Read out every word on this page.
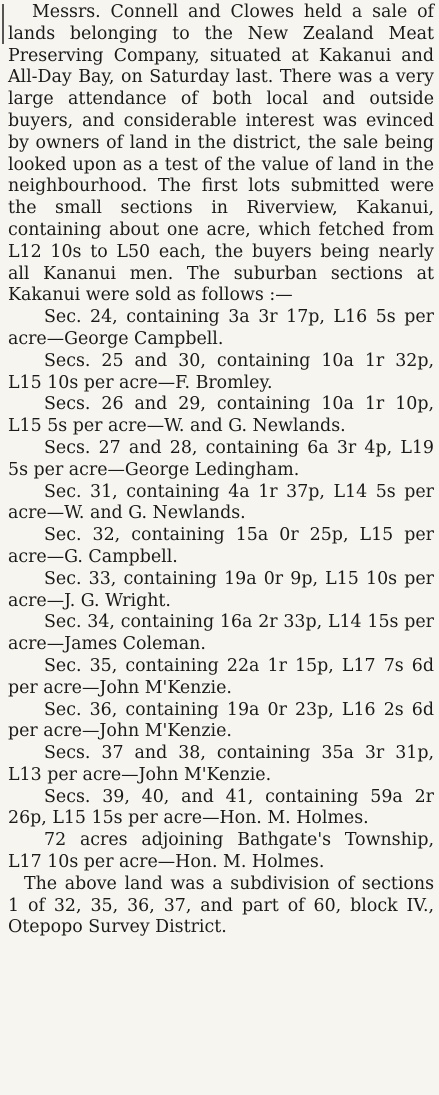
Messrs. Connell and Clowes held a sale of lands belonging to the New Zealand Meat Preserving Company, situated at Kakanui and All-Day Bay, on Saturday last. There was a very large attendance of both local and outside buyers, and considerable interest was evinced by owners of land in the district, the sale being looked upon as a test of the value of land in the neighbourhood. The first lots submitted were the small sections in Riverview, Kakanui, containing about one acre, which fetched from L12 10s to L50 each, the buyers being nearly all Kananui men. The suburban sections at Kakanui were sold as follows :—

Sec. 24, containing 3a 3r 17p, L16 5s per acre—George Campbell.

Secs. 25 and 30, containing 10a 1r 32p, L15 10s per acre—F. Bromley.

Secs. 26 and 29, containing 10a 1r 10p, L15 5s per acre—W. and G. Newlands.

Secs. 27 and 28, containing 6a 3r 4p, L19 5s per acre—George Ledingham.

Sec. 31, containing 4a 1r 37p, L14 5s per acre—W. and G. Newlands.

Sec. 32, containing 15a 0r 25p, L15 per acre—G. Campbell.

Sec. 33, containing 19a 0r 9p, L15 10s per acre—J. G. Wright.

Sec. 34, containing 16a 2r 33p, L14 15s per acre—James Coleman.

Sec. 35, containing 22a 1r 15p, L17 7s 6d per acre—John M'Kenzie.

Sec. 36, containing 19a 0r 23p, L16 2s 6d per acre—John M'Kenzie.

Secs. 37 and 38, containing 35a 3r 31p, L13 per acre—John M'Kenzie.

Secs. 39, 40, and 41, containing 59a 2r 26p, L15 15s per acre—Hon. M. Holmes.

72 acres adjoining Bathgate's Township, L17 10s per acre—Hon. M. Holmes.

The above land was a subdivision of sections 1 of 32, 35, 36, 37, and part of 60, block IV., Otepopo Survey District.
